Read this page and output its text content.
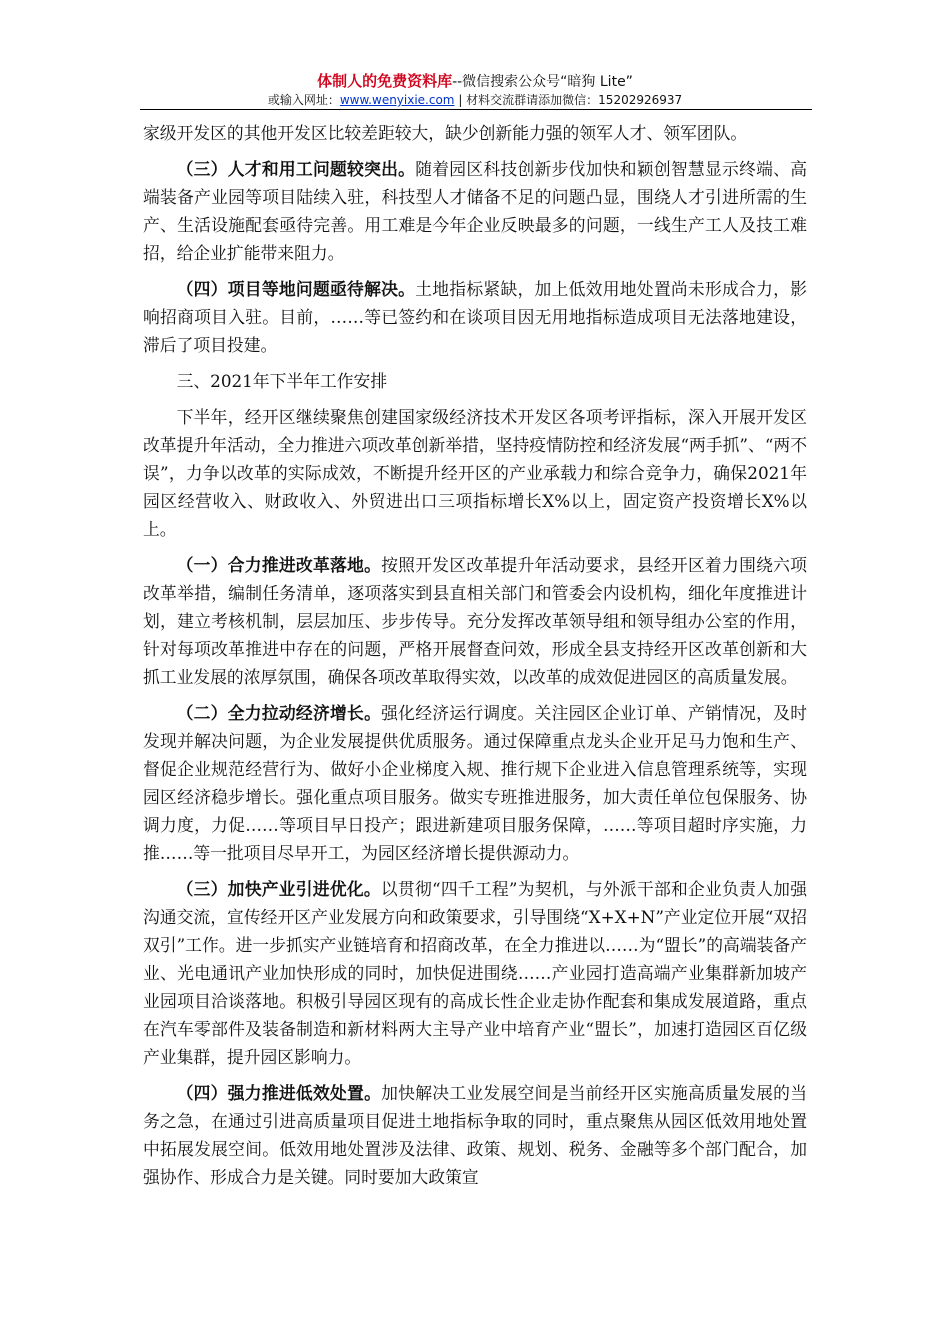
体制人的免费资料库--微信搜索公众号“暗狗 Lite”
或输入网址：www.wenyixie.com | 材料交流群请添加微信：15202926937

家级开发区的其他开发区比较差距较大，缺少创新能力强的领军人才、领军团队。

（三）人才和用工问题较突出。随着园区科技创新步伐加快和颖创智慧显示终端、高端装备产业园等项目陆续入驻，科技型人才储备不足的问题凸显，围绕人才引进所需的生产、生活设施配套亟待完善。用工难是今年企业反映最多的问题，一线生产工人及技工难招，给企业扩能带来阻力。

（四）项目等地问题亟待解决。土地指标紧缺，加上低效用地处置尚未形成合力，影响招商项目入驻。目前，……等已签约和在谈项目因无用地指标造成项目无法落地建设，滞后了项目投建。

三、2021年下半年工作安排

下半年，经开区继续聚焦创建国家级经济技术开发区各项考评指标，深入开展开发区改革提升年活动，全力推进六项改革创新举措，坚持疫情防控和经济发展“两手抓”、“两不误”，力争以改革的实际成效，不断提升经开区的产业承载力和综合竞争力，确保2021年园区经营收入、财政收入、外贸进出口三项指标增长X%以上，固定资产投资增长X%以上。

（一）合力推进改革落地。按照开发区改革提升年活动要求，县经开区着力围绕六项改革举措，编制任务清单，逐项落实到县直相关部门和管委会内设机构，细化年度推进计划，建立考核机制，层层加压、步步传导。充分发挥改革领导组和领导组办公室的作用，针对每项改革推进中存在的问题，严格开展督查问效，形成全县支持经开区改革创新和大抓工业发展的浓厚氛围，确保各项改革取得实效，以改革的成效促进园区的高质量发展。

（二）全力拉动经济增长。强化经济运行调度。关注园区企业订单、产销情况，及时发现并解决问题，为企业发展提供优质服务。通过保障重点龙头企业开足马力饱和生产、督促企业规范经营行为、做好小企业梯度入规、推行规下企业进入信息管理系统等，实现园区经济稳步增长。强化重点项目服务。做实专班推进服务，加大责任单位包保服务、协调力度，力促……等项目早日投产；跟进新建项目服务保障，……等项目超时序实施，力推……等一批项目尽早开工，为园区经济增长提供源动力。

（三）加快产业引进优化。以贯彻“四千工程”为契机，与外派干部和企业负责人加强沟通交流，宣传经开区产业发展方向和政策要求，引导围绕“X+X+N”产业定位开展“双招双引”工作。进一步抓实产业链培育和招商改革，在全力推进以……为“盟长”的高端装备产业、光电通讯产业加快形成的同时，加快促进围绕……产业园打造高端产业集群新加坡产业园项目洽谈落地。积极引导园区现有的高成长性企业走协作配套和集成发展道路，重点在汽车零部件及装备制造和新材料两大主导产业中培育产业“盟长”，加速打造园区百亿级产业集群，提升园区影响力。

（四）强力推进低效处置。加快解决工业发展空间是当前经开区实施高质量发展的当务之急，在通过引进高质量项目促进土地指标争取的同时，重点聚焦从园区低效用地处置中拓展发展空间。低效用地处置涉及法律、政策、规划、税务、金融等多个部门配合，加强协作、形成合力是关键。同时要加大政策宣
